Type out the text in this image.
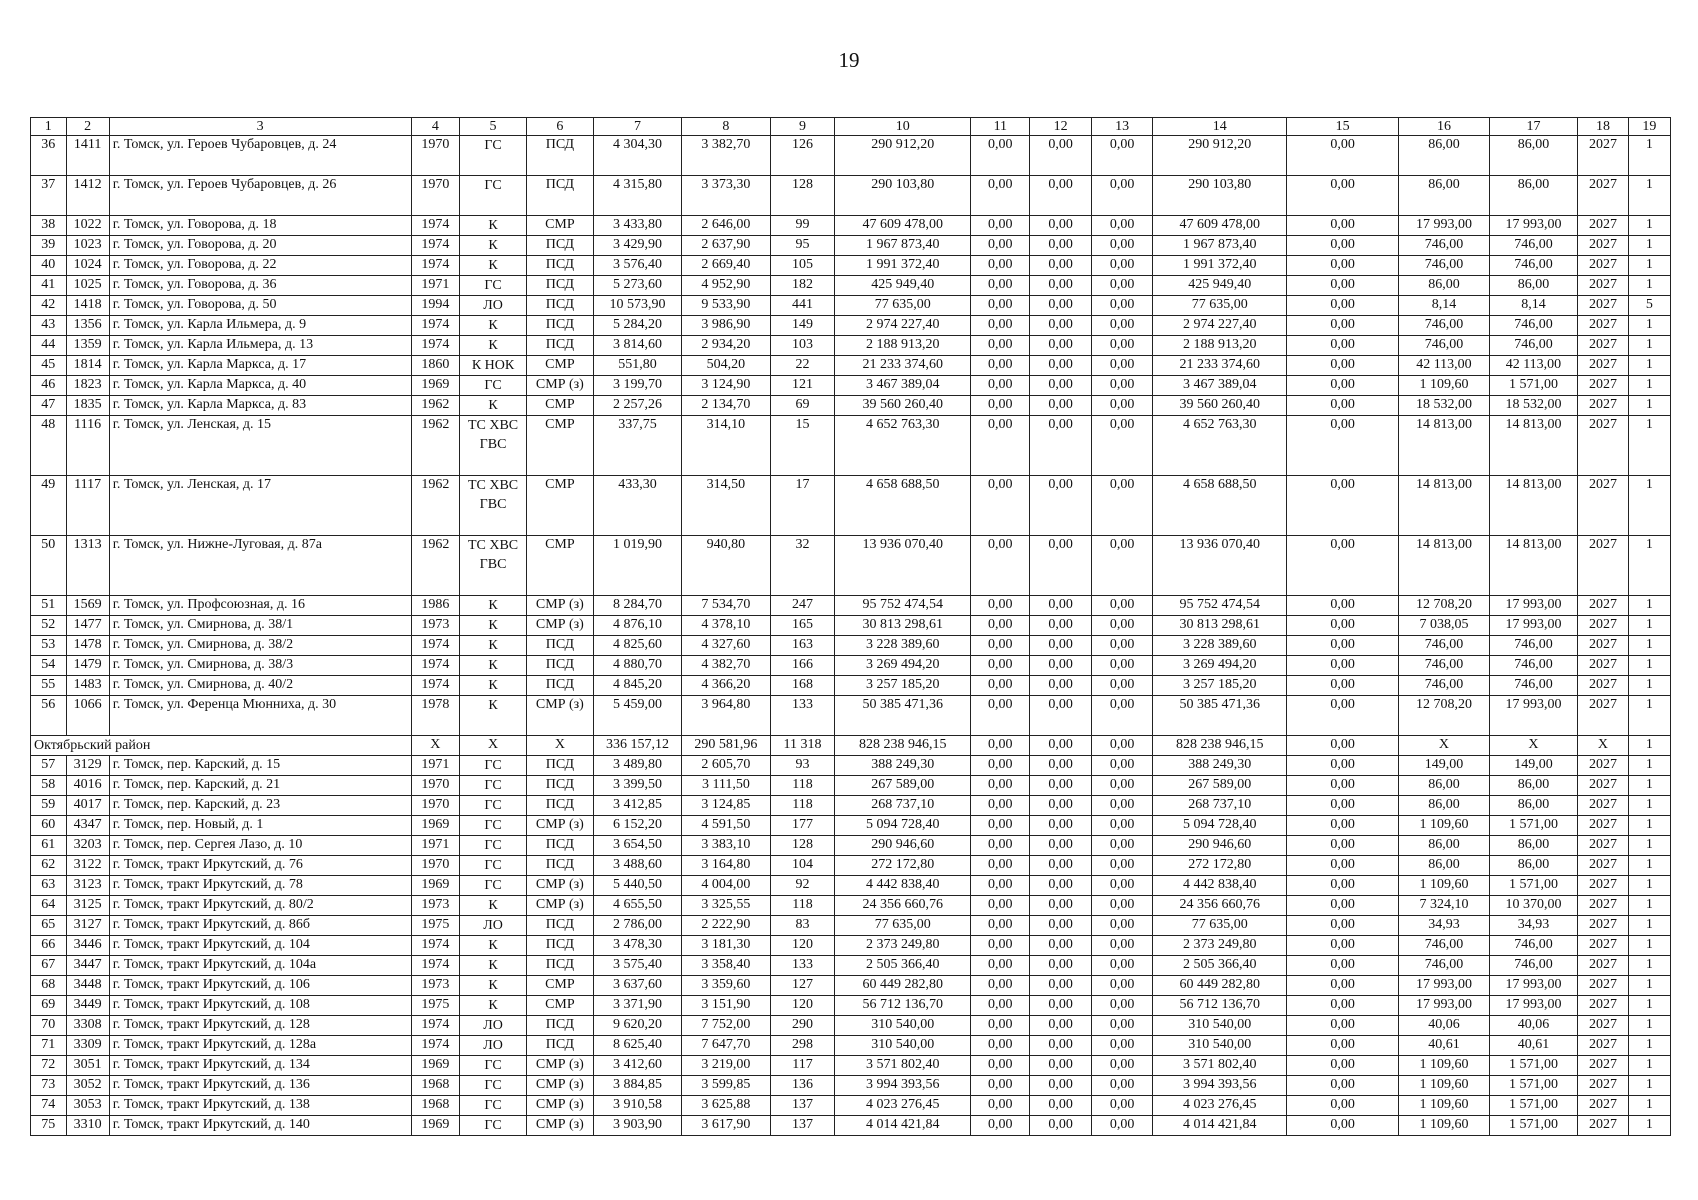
19
1	2	3	4	5	6	7	8	9	10	11	12	13	14	15	16	17	18	19
36	1411	г. Томск, ул. Героев Чубаровцев, д. 24	1970	ГС	ПСД	4 304,30	3 382,70	126	290 912,20	0,00	0,00	0,00	290 912,20	0,00	86,00	86,00	2027	1
37	1412	г. Томск, ул. Героев Чубаровцев, д. 26	1970	ГС	ПСД	4 315,80	3 373,30	128	290 103,80	0,00	0,00	0,00	290 103,80	0,00	86,00	86,00	2027	1
38	1022	г. Томск, ул. Говорова, д. 18	1974	К	СМР	3 433,80	2 646,00	99	47 609 478,00	0,00	0,00	0,00	47 609 478,00	0,00	17 993,00	17 993,00	2027	1
39	1023	г. Томск, ул. Говорова, д. 20	1974	К	ПСД	3 429,90	2 637,90	95	1 967 873,40	0,00	0,00	0,00	1 967 873,40	0,00	746,00	746,00	2027	1
40	1024	г. Томск, ул. Говорова, д. 22	1974	К	ПСД	3 576,40	2 669,40	105	1 991 372,40	0,00	0,00	0,00	1 991 372,40	0,00	746,00	746,00	2027	1
41	1025	г. Томск, ул. Говорова, д. 36	1971	ГС	ПСД	5 273,60	4 952,90	182	425 949,40	0,00	0,00	0,00	425 949,40	0,00	86,00	86,00	2027	1
42	1418	г. Томск, ул. Говорова, д. 50	1994	ЛО	ПСД	10 573,90	9 533,90	441	77 635,00	0,00	0,00	0,00	77 635,00	0,00	8,14	8,14	2027	5
43	1356	г. Томск, ул. Карла Ильмера, д. 9	1974	К	ПСД	5 284,20	3 986,90	149	2 974 227,40	0,00	0,00	0,00	2 974 227,40	0,00	746,00	746,00	2027	1
44	1359	г. Томск, ул. Карла Ильмера, д. 13	1974	К	ПСД	3 814,60	2 934,20	103	2 188 913,20	0,00	0,00	0,00	2 188 913,20	0,00	746,00	746,00	2027	1
45	1814	г. Томск, ул. Карла Маркса, д. 17	1860	К НОК	СМР	551,80	504,20	22	21 233 374,60	0,00	0,00	0,00	21 233 374,60	0,00	42 113,00	42 113,00	2027	1
46	1823	г. Томск, ул. Карла Маркса, д. 40	1969	ГС	СМР (з)	3 199,70	3 124,90	121	3 467 389,04	0,00	0,00	0,00	3 467 389,04	0,00	1 109,60	1 571,00	2027	1
47	1835	г. Томск, ул. Карла Маркса, д. 83	1962	К	СМР	2 257,26	2 134,70	69	39 560 260,40	0,00	0,00	0,00	39 560 260,40	0,00	18 532,00	18 532,00	2027	1
48	1116	г. Томск, ул. Ленская, д. 15	1962	ТС ХВС ГВС	СМР	337,75	314,10	15	4 652 763,30	0,00	0,00	0,00	4 652 763,30	0,00	14 813,00	14 813,00	2027	1
49	1117	г. Томск, ул. Ленская, д. 17	1962	ТС ХВС ГВС	СМР	433,30	314,50	17	4 658 688,50	0,00	0,00	0,00	4 658 688,50	0,00	14 813,00	14 813,00	2027	1
50	1313	г. Томск, ул. Нижне-Луговая, д. 87а	1962	ТС ХВС ГВС	СМР	1 019,90	940,80	32	13 936 070,40	0,00	0,00	0,00	13 936 070,40	0,00	14 813,00	14 813,00	2027	1
51	1569	г. Томск, ул. Профсоюзная, д. 16	1986	К	СМР (з)	8 284,70	7 534,70	247	95 752 474,54	0,00	0,00	0,00	95 752 474,54	0,00	12 708,20	17 993,00	2027	1
52	1477	г. Томск, ул. Смирнова, д. 38/1	1973	К	СМР (з)	4 876,10	4 378,10	165	30 813 298,61	0,00	0,00	0,00	30 813 298,61	0,00	7 038,05	17 993,00	2027	1
53	1478	г. Томск, ул. Смирнова, д. 38/2	1974	К	ПСД	4 825,60	4 327,60	163	3 228 389,60	0,00	0,00	0,00	3 228 389,60	0,00	746,00	746,00	2027	1
54	1479	г. Томск, ул. Смирнова, д. 38/3	1974	К	ПСД	4 880,70	4 382,70	166	3 269 494,20	0,00	0,00	0,00	3 269 494,20	0,00	746,00	746,00	2027	1
55	1483	г. Томск, ул. Смирнова, д. 40/2	1974	К	ПСД	4 845,20	4 366,20	168	3 257 185,20	0,00	0,00	0,00	3 257 185,20	0,00	746,00	746,00	2027	1
56	1066	г. Томск, ул. Ференца Мюнниха, д. 30	1978	К	СМР (з)	5 459,00	3 964,80	133	50 385 471,36	0,00	0,00	0,00	50 385 471,36	0,00	12 708,20	17 993,00	2027	1
Октябрьский район			X	X	X	336 157,12	290 581,96	11 318	828 238 946,15	0,00	0,00	0,00	828 238 946,15	0,00	X	X	X	1
57	3129	г. Томск, пер. Карский, д. 15	1971	ГС	ПСД	3 489,80	2 605,70	93	388 249,30	0,00	0,00	0,00	388 249,30	0,00	149,00	149,00	2027	1
58	4016	г. Томск, пер. Карский, д. 21	1970	ГС	ПСД	3 399,50	3 111,50	118	267 589,00	0,00	0,00	0,00	267 589,00	0,00	86,00	86,00	2027	1
59	4017	г. Томск, пер. Карский, д. 23	1970	ГС	ПСД	3 412,85	3 124,85	118	268 737,10	0,00	0,00	0,00	268 737,10	0,00	86,00	86,00	2027	1
60	4347	г. Томск, пер. Новый, д. 1	1969	ГС	СМР (з)	6 152,20	4 591,50	177	5 094 728,40	0,00	0,00	0,00	5 094 728,40	0,00	1 109,60	1 571,00	2027	1
61	3203	г. Томск, пер. Сергея Лазо, д. 10	1971	ГС	ПСД	3 654,50	3 383,10	128	290 946,60	0,00	0,00	0,00	290 946,60	0,00	86,00	86,00	2027	1
62	3122	г. Томск, тракт Иркутский, д. 76	1970	ГС	ПСД	3 488,60	3 164,80	104	272 172,80	0,00	0,00	0,00	272 172,80	0,00	86,00	86,00	2027	1
63	3123	г. Томск, тракт Иркутский, д. 78	1969	ГС	СМР (з)	5 440,50	4 004,00	92	4 442 838,40	0,00	0,00	0,00	4 442 838,40	0,00	1 109,60	1 571,00	2027	1
64	3125	г. Томск, тракт Иркутский, д. 80/2	1973	К	СМР (з)	4 655,50	3 325,55	118	24 356 660,76	0,00	0,00	0,00	24 356 660,76	0,00	7 324,10	10 370,00	2027	1
65	3127	г. Томск, тракт Иркутский, д. 86б	1975	ЛО	ПСД	2 786,00	2 222,90	83	77 635,00	0,00	0,00	0,00	77 635,00	0,00	34,93	34,93	2027	1
66	3446	г. Томск, тракт Иркутский, д. 104	1974	К	ПСД	3 478,30	3 181,30	120	2 373 249,80	0,00	0,00	0,00	2 373 249,80	0,00	746,00	746,00	2027	1
67	3447	г. Томск, тракт Иркутский, д. 104а	1974	К	ПСД	3 575,40	3 358,40	133	2 505 366,40	0,00	0,00	0,00	2 505 366,40	0,00	746,00	746,00	2027	1
68	3448	г. Томск, тракт Иркутский, д. 106	1973	К	СМР	3 637,60	3 359,60	127	60 449 282,80	0,00	0,00	0,00	60 449 282,80	0,00	17 993,00	17 993,00	2027	1
69	3449	г. Томск, тракт Иркутский, д. 108	1975	К	СМР	3 371,90	3 151,90	120	56 712 136,70	0,00	0,00	0,00	56 712 136,70	0,00	17 993,00	17 993,00	2027	1
70	3308	г. Томск, тракт Иркутский, д. 128	1974	ЛО	ПСД	9 620,20	7 752,00	290	310 540,00	0,00	0,00	0,00	310 540,00	0,00	40,06	40,06	2027	1
71	3309	г. Томск, тракт Иркутский, д. 128а	1974	ЛО	ПСД	8 625,40	7 647,70	298	310 540,00	0,00	0,00	0,00	310 540,00	0,00	40,61	40,61	2027	1
72	3051	г. Томск, тракт Иркутский, д. 134	1969	ГС	СМР (з)	3 412,60	3 219,00	117	3 571 802,40	0,00	0,00	0,00	3 571 802,40	0,00	1 109,60	1 571,00	2027	1
73	3052	г. Томск, тракт Иркутский, д. 136	1968	ГС	СМР (з)	3 884,85	3 599,85	136	3 994 393,56	0,00	0,00	0,00	3 994 393,56	0,00	1 109,60	1 571,00	2027	1
74	3053	г. Томск, тракт Иркутский, д. 138	1968	ГС	СМР (з)	3 910,58	3 625,88	137	4 023 276,45	0,00	0,00	0,00	4 023 276,45	0,00	1 109,60	1 571,00	2027	1
75	3310	г. Томск, тракт Иркутский, д. 140	1969	ГС	СМР (з)	3 903,90	3 617,90	137	4 014 421,84	0,00	0,00	0,00	4 014 421,84	0,00	1 109,60	1 571,00	2027	1
